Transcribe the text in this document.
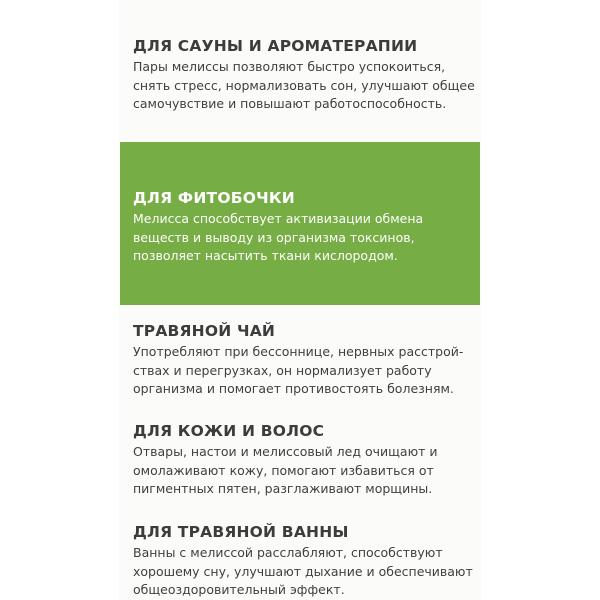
ДЛЯ САУНЫ И АРОМАТЕРАПИИ
Пары мелиссы позволяют быстро успокоиться,
снять стресс, нормализовать сон, улучшают общее
самочувствие и повышают работоспособность.
ДЛЯ ФИТОБОЧКИ
Мелисса способствует активизации обмена
веществ и выводу из организма токсинов,
позволяет насытить ткани кислородом.
ТРАВЯНОЙ ЧАЙ
Употребляют при бессоннице, нервных расстрой-
ствах и перегрузках, он нормализует работу
организма и помогает противостоять болезням.
ДЛЯ КОЖИ И ВОЛОС
Отвары, настои и мелиссовый лед очищают и
омолаживают кожу, помогают избавиться от
пигментных пятен, разглаживают морщины.
ДЛЯ ТРАВЯНОЙ ВАННЫ
Ванны с мелиссой расслабляют, способствуют
хорошему сну, улучшают дыхание и обеспечивают
общеоздоровительный эффект.
